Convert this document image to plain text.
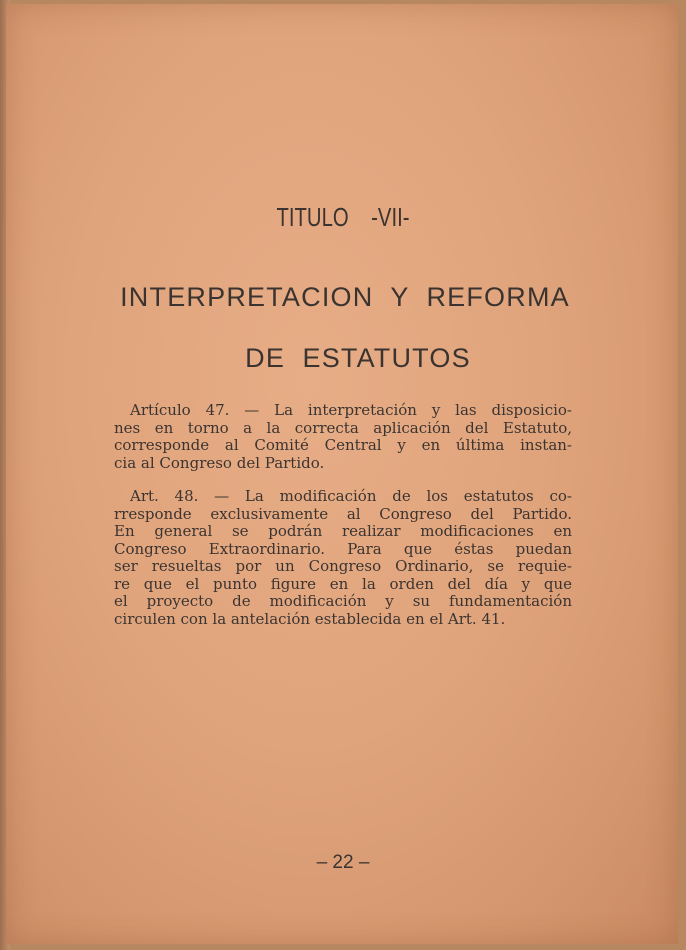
TITULO -VII-
INTERPRETACION  Y  REFORMA
DE  ESTATUTOS
Artículo 47. — La interpretación y las disposicio-
nes en torno a la correcta aplicación del Estatuto,
corresponde al Comité Central y en última instan-
cia al Congreso del Partido.
Art. 48. — La modificación de los estatutos co-
rresponde exclusivamente al Congreso del Partido.
En general se podrán realizar modificaciones en
Congreso Extraordinario. Para que éstas puedan
ser resueltas por un Congreso Ordinario, se requie-
re que el punto figure en la orden del día y que
el proyecto de modificación y su fundamentación
circulen con la antelación establecida en el Art. 41.
– 22 –
